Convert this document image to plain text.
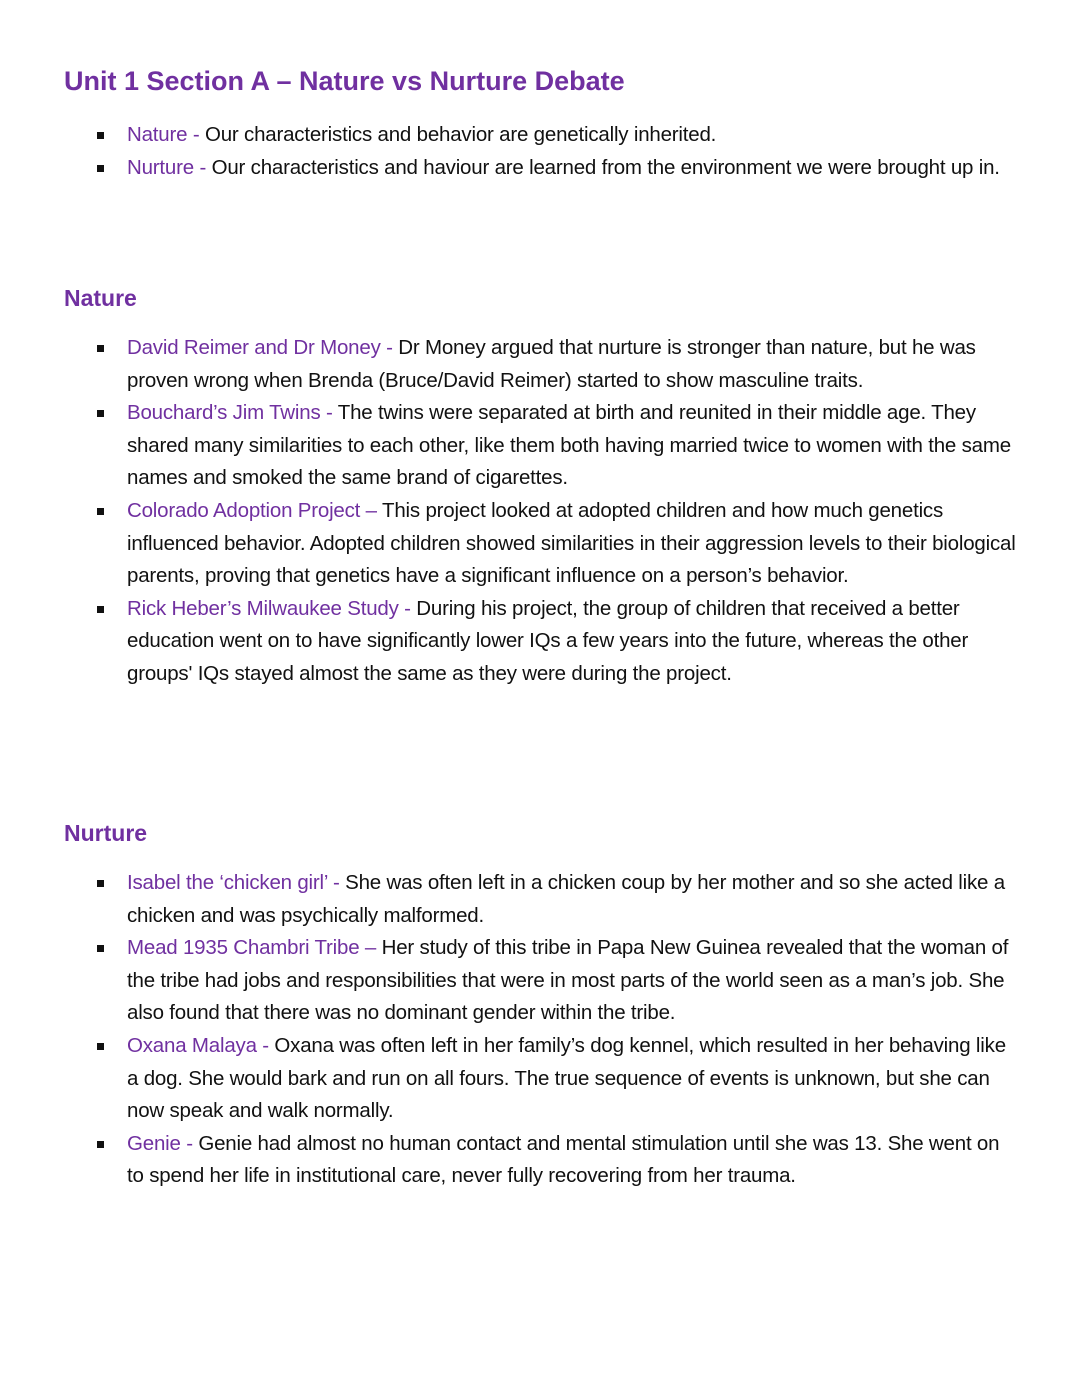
Unit 1 Section A – Nature vs Nurture Debate
Nature - Our characteristics and behavior are genetically inherited.
Nurture - Our characteristics and haviour are learned from the environment we were brought up in.
Nature
David Reimer and Dr Money - Dr Money argued that nurture is stronger than nature, but he was proven wrong when Brenda (Bruce/David Reimer) started to show masculine traits.
Bouchard’s Jim Twins - The twins were separated at birth and reunited in their middle age. They shared many similarities to each other, like them both having married twice to women with the same names and smoked the same brand of cigarettes.
Colorado Adoption Project – This project looked at adopted children and how much genetics influenced behavior. Adopted children showed similarities in their aggression levels to their biological parents, proving that genetics have a significant influence on a person’s behavior.
Rick Heber’s Milwaukee Study - During his project, the group of children that received a better education went on to have significantly lower IQs a few years into the future, whereas the other groups' IQs stayed almost the same as they were during the project.
Nurture
Isabel the ‘chicken girl’ - She was often left in a chicken coup by her mother and so she acted like a chicken and was psychically malformed.
Mead 1935 Chambri Tribe – Her study of this tribe in Papa New Guinea revealed that the woman of the tribe had jobs and responsibilities that were in most parts of the world seen as a man’s job. She also found that there was no dominant gender within the tribe.
Oxana Malaya - Oxana was often left in her family’s dog kennel, which resulted in her behaving like a dog. She would bark and run on all fours. The true sequence of events is unknown, but she can now speak and walk normally.
Genie - Genie had almost no human contact and mental stimulation until she was 13. She went on to spend her life in institutional care, never fully recovering from her trauma.
